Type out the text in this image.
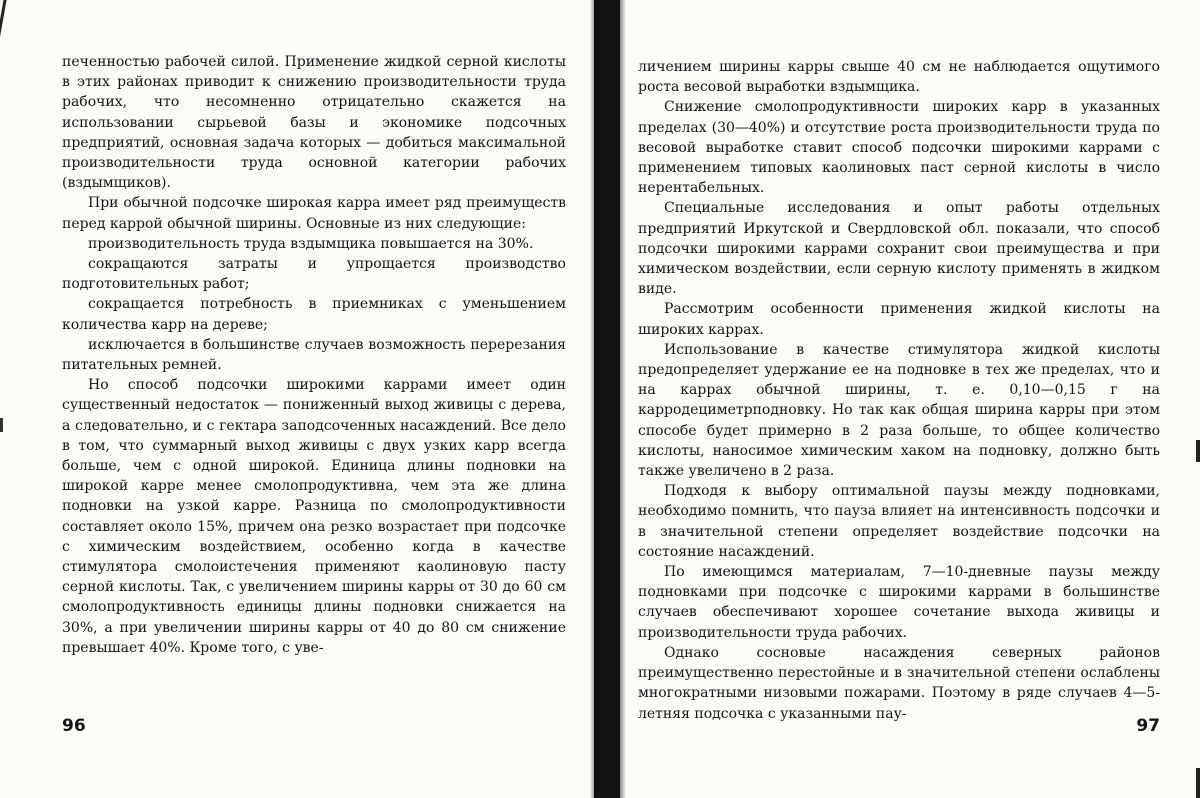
печенностью рабочей силой. Применение жидкой серной кислоты в этих районах приводит к снижению производительности труда рабочих, что несомненно отрицательно скажется на использовании сырьевой базы и экономике подсочных предприятий, основная задача которых — добиться максимальной производительности труда основной категории рабочих (вздымщиков).

При обычной подсочке широкая карра имеет ряд преимуществ перед каррой обычной ширины. Основные из них следующие:

производительность труда вздымщика повышается на 30%.

сокращаются затраты и упрощается производство подготовительных работ;

сокращается потребность в приемниках с уменьшением количества карр на дереве;

исключается в большинстве случаев возможность перерезания питательных ремней.

Но способ подсочки широкими каррами имеет один существенный недостаток — пониженный выход живицы с дерева, а следовательно, и с гектара заподсоченных насаждений. Все дело в том, что суммарный выход живицы с двух узких карр всегда больше, чем с одной широкой. Единица длины подновки на широкой карре менее смолопродуктивна, чем эта же длина подновки на узкой карре. Разница по смолопродуктивности составляет около 15%, причем она резко возрастает при подсочке с химическим воздействием, особенно когда в качестве стимулятора смолоистечения применяют каолиновую пасту серной кислоты. Так, с увеличением ширины карры от 30 до 60 см смолопродуктивность единицы длины подновки снижается на 30%, а при увеличении ширины карры от 40 до 80 см снижение превышает 40%. Кроме того, с уве-

96

личением ширины карры свыше 40 см не наблюдается ощутимого роста весовой выработки вздымщика.

Снижение смолопродуктивности широких карр в указанных пределах (30—40%) и отсутствие роста производительности труда по весовой выработке ставит способ подсочки широкими каррами с применением типовых каолиновых паст серной кислоты в число нерентабельных.

Специальные исследования и опыт работы отдельных предприятий Иркутской и Свердловской обл. показали, что способ подсочки широкими каррами сохранит свои преимущества и при химическом воздействии, если серную кислоту применять в жидком виде.

Рассмотрим особенности применения жидкой кислоты на широких каррах.

Использование в качестве стимулятора жидкой кислоты предопределяет удержание ее на подновке в тех же пределах, что и на каррах обычной ширины, т. е. 0,10—0,15 г на карродециметрподновку. Но так как общая ширина карры при этом способе будет примерно в 2 раза больше, то общее количество кислоты, наносимое химическим хаком на подновку, должно быть также увеличено в 2 раза.

Подходя к выбору оптимальной паузы между подновками, необходимо помнить, что пауза влияет на интенсивность подсочки и в значительной степени определяет воздействие подсочки на состояние насаждений.

По имеющимся материалам, 7—10-дневные паузы между подновками при подсочке с широкими каррами в большинстве случаев обеспечивают хорошее сочетание выхода живицы и производительности труда рабочих.

Однако сосновые насаждения северных районов преимущественно перестойные и в значительной степени ослаблены многократными низовыми пожарами. Поэтому в ряде случаев 4—5-летняя подсочка с указанными пау-

97
